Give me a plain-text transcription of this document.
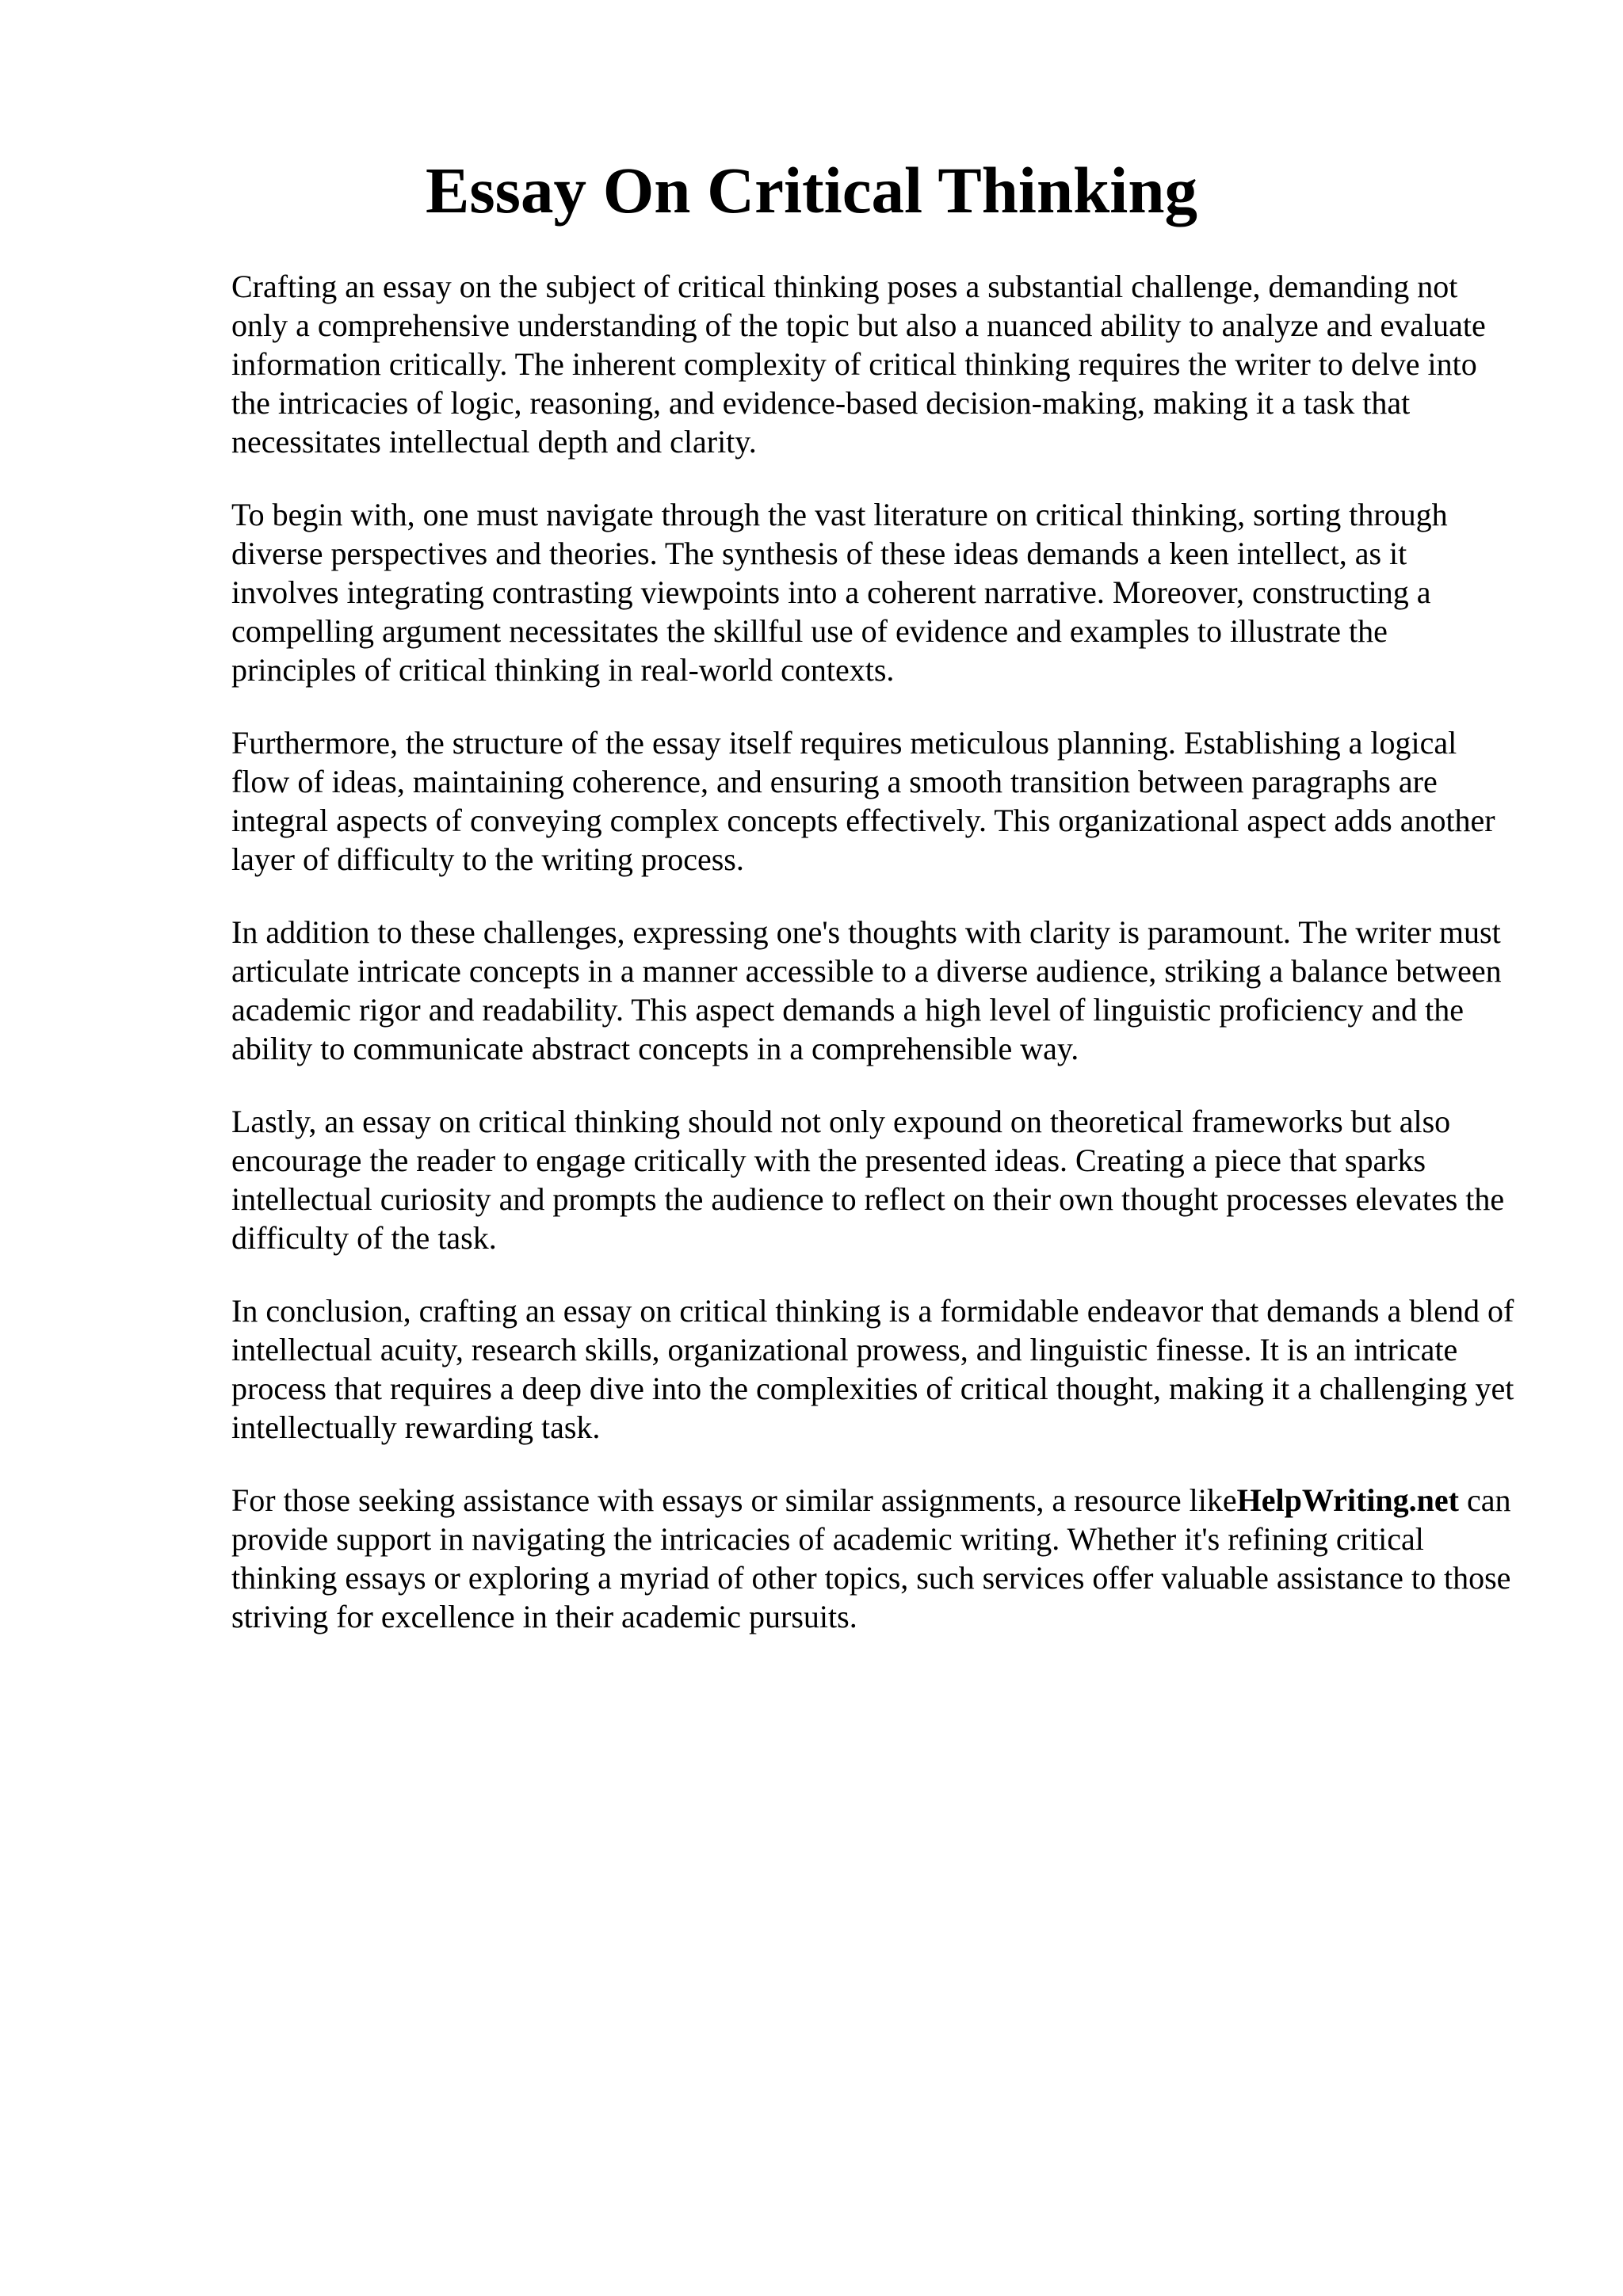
Essay On Critical Thinking

Crafting an essay on the subject of critical thinking poses a substantial challenge, demanding not only a comprehensive understanding of the topic but also a nuanced ability to analyze and evaluate information critically. The inherent complexity of critical thinking requires the writer to delve into the intricacies of logic, reasoning, and evidence-based decision-making, making it a task that necessitates intellectual depth and clarity.

To begin with, one must navigate through the vast literature on critical thinking, sorting through diverse perspectives and theories. The synthesis of these ideas demands a keen intellect, as it involves integrating contrasting viewpoints into a coherent narrative. Moreover, constructing a compelling argument necessitates the skillful use of evidence and examples to illustrate the principles of critical thinking in real-world contexts.

Furthermore, the structure of the essay itself requires meticulous planning. Establishing a logical flow of ideas, maintaining coherence, and ensuring a smooth transition between paragraphs are integral aspects of conveying complex concepts effectively. This organizational aspect adds another layer of difficulty to the writing process.

In addition to these challenges, expressing one's thoughts with clarity is paramount. The writer must articulate intricate concepts in a manner accessible to a diverse audience, striking a balance between academic rigor and readability. This aspect demands a high level of linguistic proficiency and the ability to communicate abstract concepts in a comprehensible way.

Lastly, an essay on critical thinking should not only expound on theoretical frameworks but also encourage the reader to engage critically with the presented ideas. Creating a piece that sparks intellectual curiosity and prompts the audience to reflect on their own thought processes elevates the difficulty of the task.

In conclusion, crafting an essay on critical thinking is a formidable endeavor that demands a blend of intellectual acuity, research skills, organizational prowess, and linguistic finesse. It is an intricate process that requires a deep dive into the complexities of critical thought, making it a challenging yet intellectually rewarding task.

For those seeking assistance with essays or similar assignments, a resource likeHelpWriting.net can provide support in navigating the intricacies of academic writing. Whether it's refining critical thinking essays or exploring a myriad of other topics, such services offer valuable assistance to those striving for excellence in their academic pursuits.
